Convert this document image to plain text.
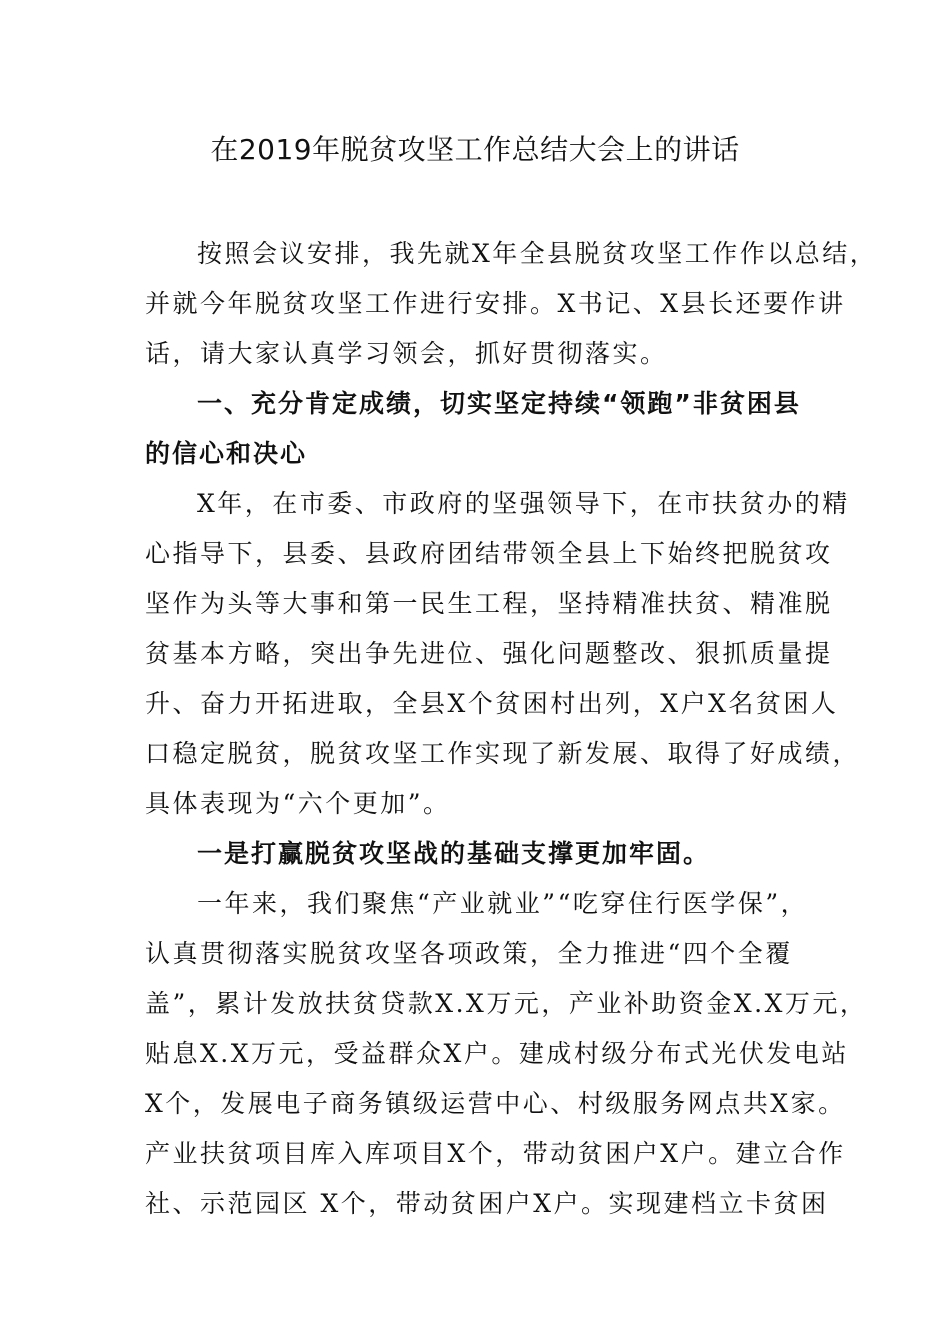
在2019年脱贫攻坚工作总结大会上的讲话
按照会议安排，我先就X年全县脱贫攻坚工作作以总结，
并就今年脱贫攻坚工作进行安排。X书记、X县长还要作讲
话，请大家认真学习领会，抓好贯彻落实。
一、充分肯定成绩，切实坚定持续“领跑”非贫困县
的信心和决心
X年，在市委、市政府的坚强领导下，在市扶贫办的精
心指导下，县委、县政府团结带领全县上下始终把脱贫攻
坚作为头等大事和第一民生工程，坚持精准扶贫、精准脱
贫基本方略，突出争先进位、强化问题整改、狠抓质量提
升、奋力开拓进取，全县X个贫困村出列，X户X名贫困人
口稳定脱贫，脱贫攻坚工作实现了新发展、取得了好成绩，
具体表现为“六个更加”。
一是打赢脱贫攻坚战的基础支撑更加牢固。
一年来，我们聚焦“产业就业”“吃穿住行医学保”，
认真贯彻落实脱贫攻坚各项政策，全力推进“四个全覆
盖”，累计发放扶贫贷款X.X万元，产业补助资金X.X万元，
贴息X.X万元，受益群众X户。建成村级分布式光伏发电站
X个，发展电子商务镇级运营中心、村级服务网点共X家。
产业扶贫项目库入库项目X个，带动贫困户X户。建立合作
社、示范园区 X个，带动贫困户X户。实现建档立卡贫困
